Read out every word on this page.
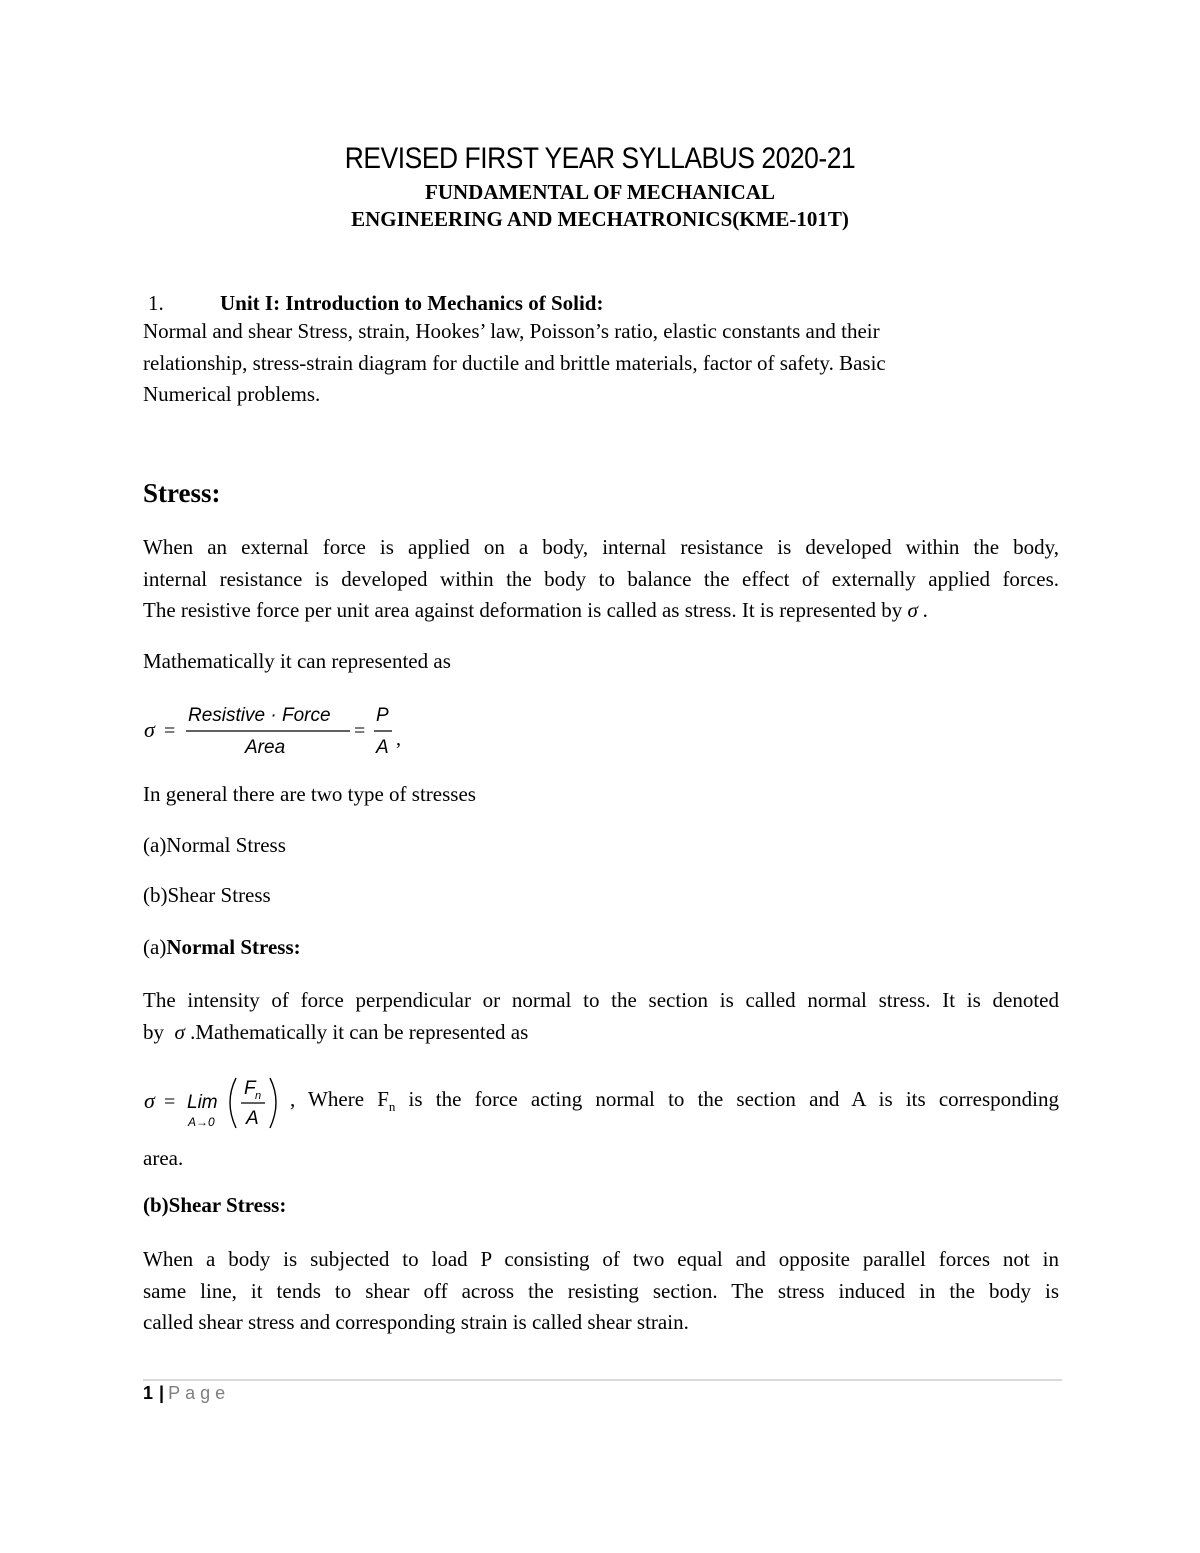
REVISED FIRST YEAR SYLLABUS 2020-21
FUNDAMENTAL OF MECHANICAL
ENGINEERING AND MECHATRONICS(KME-101T)
1.	Unit I: Introduction to Mechanics of Solid:
Normal and shear Stress, strain, Hookes’ law, Poisson’s ratio, elastic constants and their
relationship, stress-strain diagram for ductile and brittle materials, factor of safety. Basic
Numerical problems.
Stress:
When an external force is applied on a body, internal resistance is developed within the body,
internal resistance is developed within the body to balance the effect of externally applied forces.
The resistive force per unit area against deformation is called as stress. It is represented by σ .
Mathematically it can represented as
σ =
Resistive · Force
Area
=
P
A ,
In general there are two type of stresses
(a)Normal Stress
(b)Shear Stress
(a)Normal Stress:
The intensity of force perpendicular or normal to the section is called normal stress. It is denoted
by σ .Mathematically it can be represented as
σ = Lim
A→0
F n
A
, Where $F_n$ is the force acting normal to the section and A is its corresponding
area.
(b)Shear Stress:
When a body is subjected to load P consisting of two equal and opposite parallel forces not in
same line, it tends to shear off across the resisting section. The stress induced in the body is
called shear stress and corresponding strain is called shear strain.
1 | Page
